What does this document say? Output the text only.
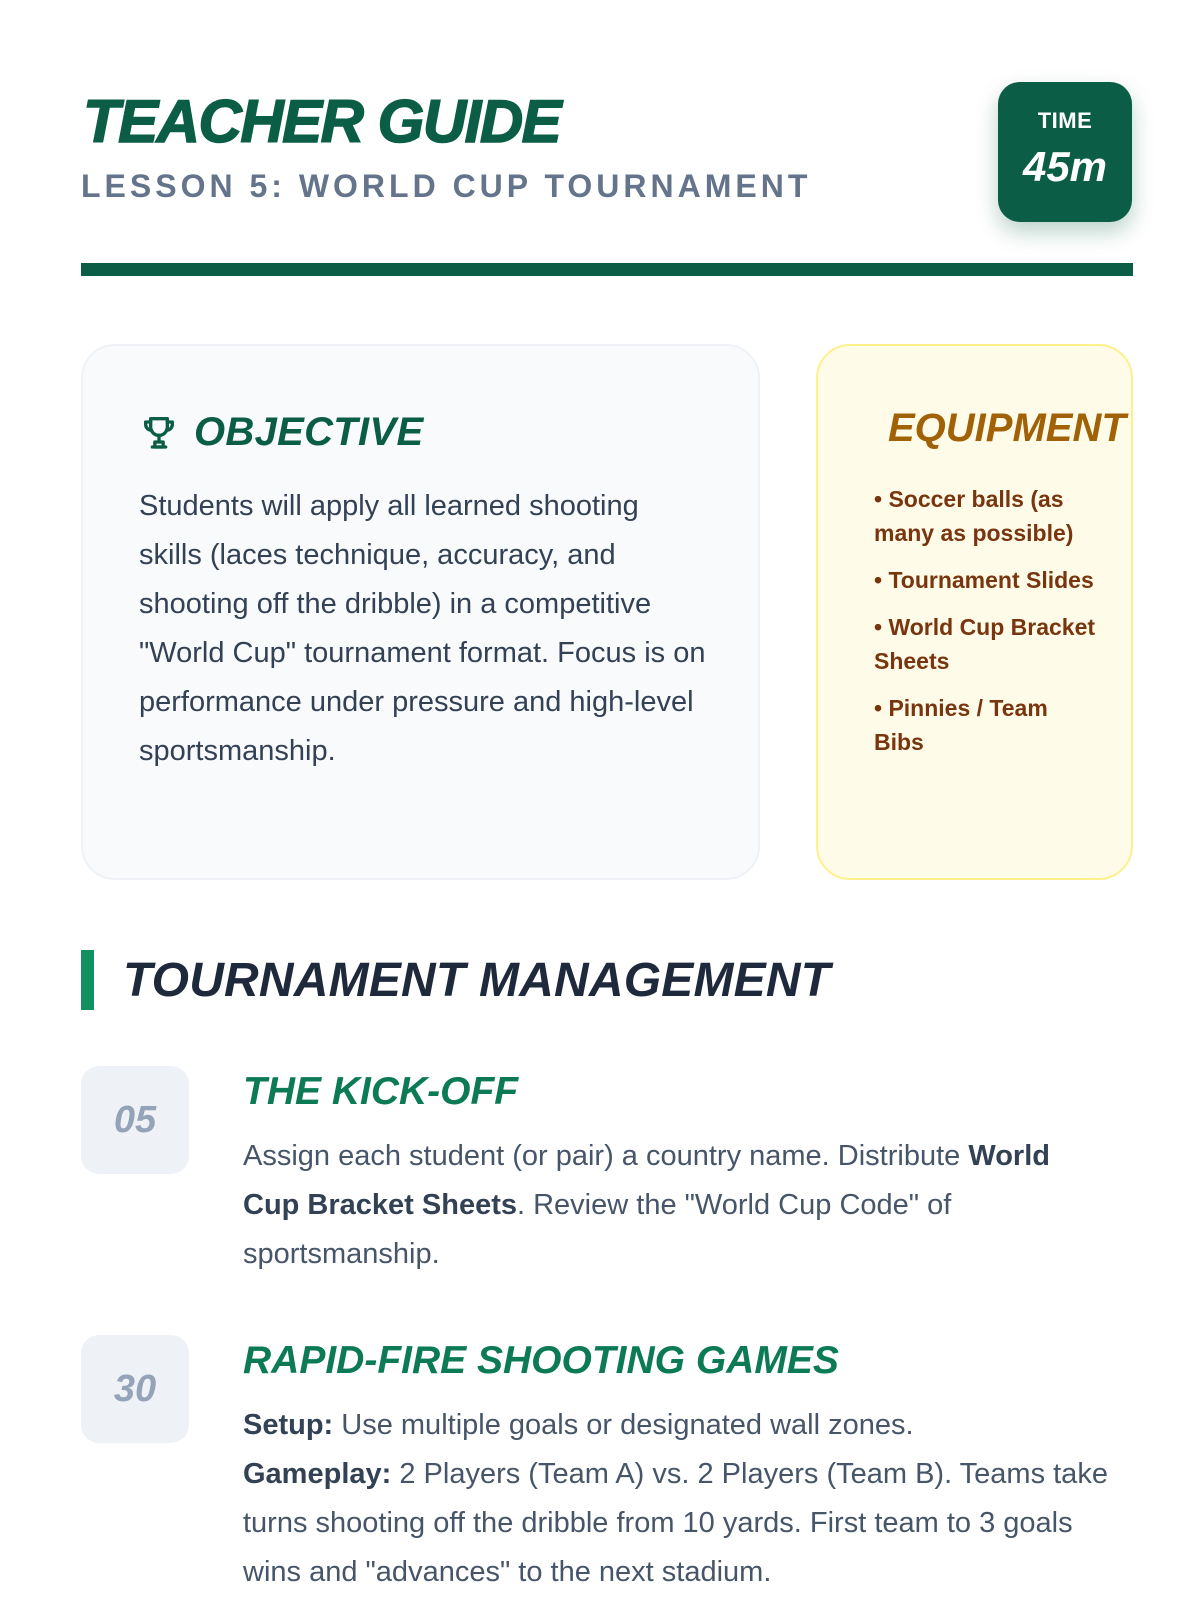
TEACHER GUIDE
LESSON 5: WORLD CUP TOURNAMENT
TIME
45m
OBJECTIVE

Students will apply all learned shooting skills (laces technique, accuracy, and shooting off the dribble) in a competitive "World Cup" tournament format. Focus is on performance under pressure and high-level sportsmanship.

EQUIPMENT
• Soccer balls (as many as possible)
• Tournament Slides
• World Cup Bracket Sheets
• Pinnies / Team Bibs
TOURNAMENT MANAGEMENT
05
THE KICK-OFF

Assign each student (or pair) a country name. Distribute World Cup Bracket Sheets. Review the "World Cup Code" of sportsmanship.

30
RAPID-FIRE SHOOTING GAMES

Setup: Use multiple goals or designated wall zones.
Gameplay: 2 Players (Team A) vs. 2 Players (Team B). Teams take turns shooting off the dribble from 10 yards. First team to 3 goals wins and "advances" to the next stadium.
